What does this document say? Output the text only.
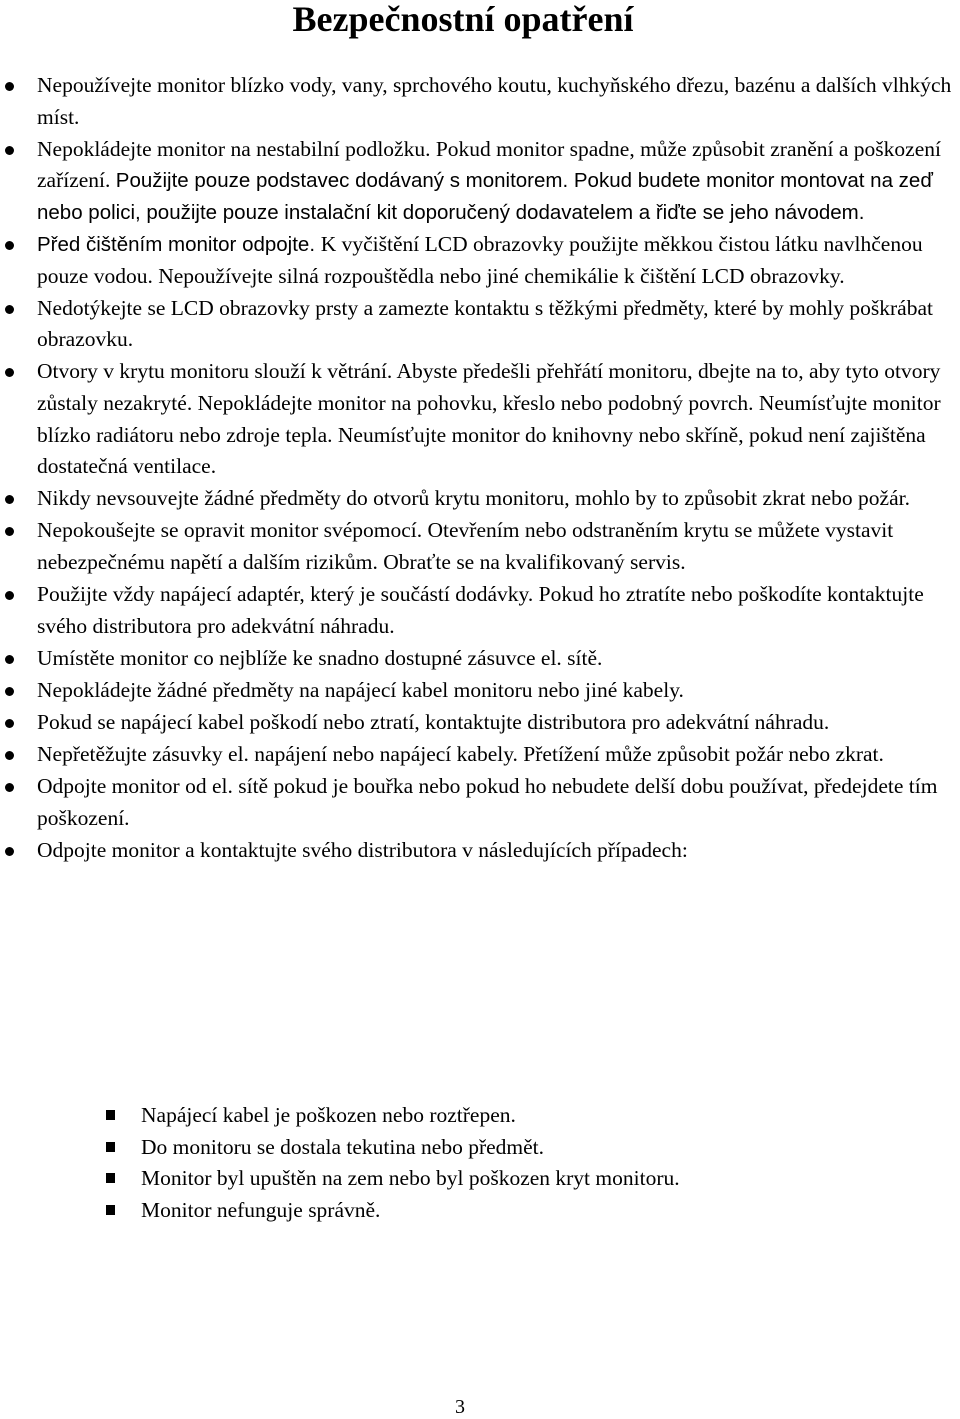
Bezpečnostní opatření
Nepoužívejte monitor blízko vody, vany, sprchového koutu, kuchyňského dřezu, bazénu a dalších vlhkých míst.
Nepokládejte monitor na nestabilní podložku. Pokud monitor spadne, může způsobit zranění a poškození zařízení. Použijte pouze podstavec dodávaný s monitorem. Pokud budete monitor montovat na zeď nebo polici, použijte pouze instalační kit doporučený dodavatelem a řiďte se jeho návodem.
Před čištěním monitor odpojte. K vyčištění LCD obrazovky použijte měkkou čistou látku navlhčenou pouze vodou. Nepoužívejte silná rozpouštědla nebo jiné chemikálie k čištění LCD obrazovky.
Nedotýkejte se LCD obrazovky prsty a zamezte kontaktu s těžkými předměty, které by mohly poškrábat obrazovku.
Otvory v krytu monitoru slouží k větrání. Abyste předešli přehřátí monitoru, dbejte na to, aby tyto otvory zůstaly nezakryté. Nepokládejte monitor na pohovku, křeslo nebo podobný povrch. Neumísťujte monitor blízko radiátoru nebo zdroje tepla. Neumísťujte monitor do knihovny nebo skříně, pokud není zajištěna dostatečná ventilace.
Nikdy nevsouvejte žádné předměty do otvorů krytu monitoru, mohlo by to způsobit zkrat nebo požár.
Nepokoušejte se opravit monitor svépomocí. Otevřením nebo odstraněním krytu se můžete vystavit nebezpečnému napětí a dalším rizikům. Obraťte se na kvalifikovaný servis.
Použijte vždy napájecí adaptér, který je součástí dodávky. Pokud ho ztratíte nebo poškodíte kontaktujte svého distributora pro adekvátní náhradu.
Umístěte monitor co nejblíže ke snadno dostupné zásuvce el. sítě.
Nepokládejte žádné předměty na napájecí kabel monitoru nebo jiné kabely.
Pokud se napájecí kabel poškodí nebo ztratí, kontaktujte distributora pro adekvátní náhradu.
Nepřetěžujte zásuvky el. napájení nebo napájecí kabely. Přetížení může způsobit požár nebo zkrat.
Odpojte monitor od el. sítě pokud je bouřka nebo pokud ho nebudete delší dobu používat, předejdete tím poškození.
Odpojte monitor a kontaktujte svého distributora v následujících případech:
Napájecí kabel je poškozen nebo roztřepen.
Do monitoru se dostala tekutina nebo předmět.
Monitor byl upuštěn na zem nebo byl poškozen kryt monitoru.
Monitor nefunguje správně.
3
